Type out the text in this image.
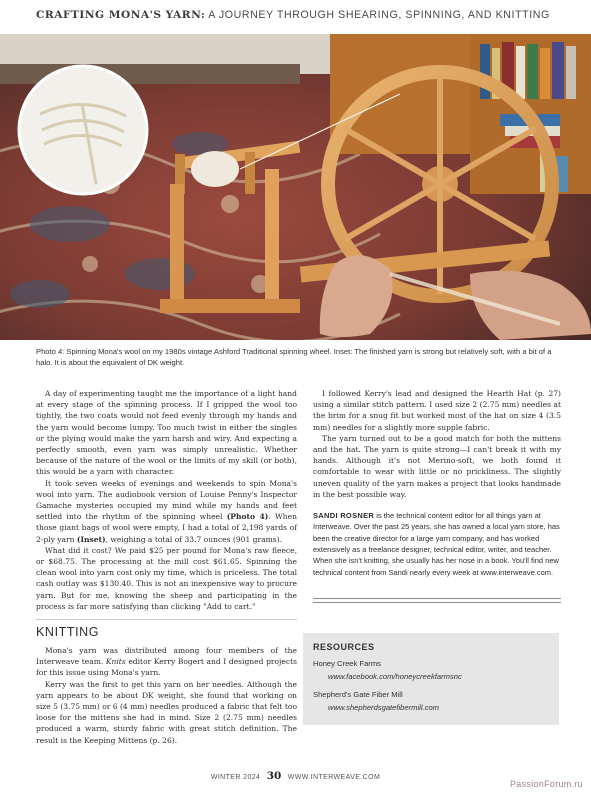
CRAFTING MONA'S YARN: A JOURNEY THROUGH SHEARING, SPINNING, AND KNITTING
Photo 4: Spinning Mona's wool on my 1980s vintage Ashford Traditional spinning wheel. Inset: The finished yarn is strong but relatively soft, with a bit of a halo. It is about the equivalent of DK weight.

A day of experimenting taught me the importance of a light hand at every stage of the spinning process. If I gripped the wool too tightly, the two coats would not feed evenly through my hands and the yarn would become lumpy. Too much twist in either the singles or the plying would make the yarn harsh and wiry. And expecting a perfectly smooth, even yarn was simply unrealistic. Whether because of the nature of the wool or the limits of my skill (or both), this would be a yarn with character.

It took seven weeks of evenings and weekends to spin Mona's wool into yarn. The audiobook version of Louise Penny's Inspector Gamache mysteries occupied my mind while my hands and feet settled into the rhythm of the spinning wheel (Photo 4). When those giant bags of wool were empty, I had a total of 2,198 yards of 2-ply yarn (Inset), weighing a total of 33.7 ounces (901 grams).

What did it cost? We paid $25 per pound for Mona's raw fleece, or $68.75. The processing at the mill cost $61.65. Spinning the clean wool into yarn cost only my time, which is priceless. The total cash outlay was $130.40. This is not an inexpensive way to procure yarn. But for me, knowing the sheep and participating in the process is far more satisfying than clicking "Add to cart."

KNITTING

Mona's yarn was distributed among four members of the Interweave team. Knits editor Kerry Bogert and I designed projects for this issue using Mona's yarn.

Kerry was the first to get this yarn on her needles. Although the yarn appears to be about DK weight, she found that working on size 5 (3.75 mm) or 6 (4 mm) needles produced a fabric that felt too loose for the mittens she had in mind. Size 2 (2.75 mm) needles produced a warm, sturdy fabric with great stitch definition. The result is the Keeping Mittens (p. 26).

I followed Kerry's lead and designed the Hearth Hat (p. 27) using a similar stitch pattern. I used size 2 (2.75 mm) needles at the brim for a snug fit but worked most of the hat on size 4 (3.5 mm) needles for a slightly more supple fabric.

The yarn turned out to be a good match for both the mittens and the hat. The yarn is quite strong—I can't break it with my hands. Although it's not Merino-soft, we both found it comfortable to wear with little or no prickliness. The slightly uneven quality of the yarn makes a project that looks handmade in the best possible way.

SANDI ROSNER is the technical content editor for all things yarn at Interweave. Over the past 25 years, she has owned a local yarn store, has been the creative director for a large yarn company, and has worked extensively as a freelance designer, technical editor, writer, and teacher. When she isn't knitting, she usually has her nose in a book. You'll find new technical content from Sandi nearly every week at www.interweave.com.

RESOURCES
Honey Creek Farms
www.facebook.com/honeycreekfarmsnc
Shepherd's Gate Fiber Mill
www.shepherdsgatefibermill.com
WINTER 2024 30 WWW.INTERWEAVE.COM
PassionForum.ru
